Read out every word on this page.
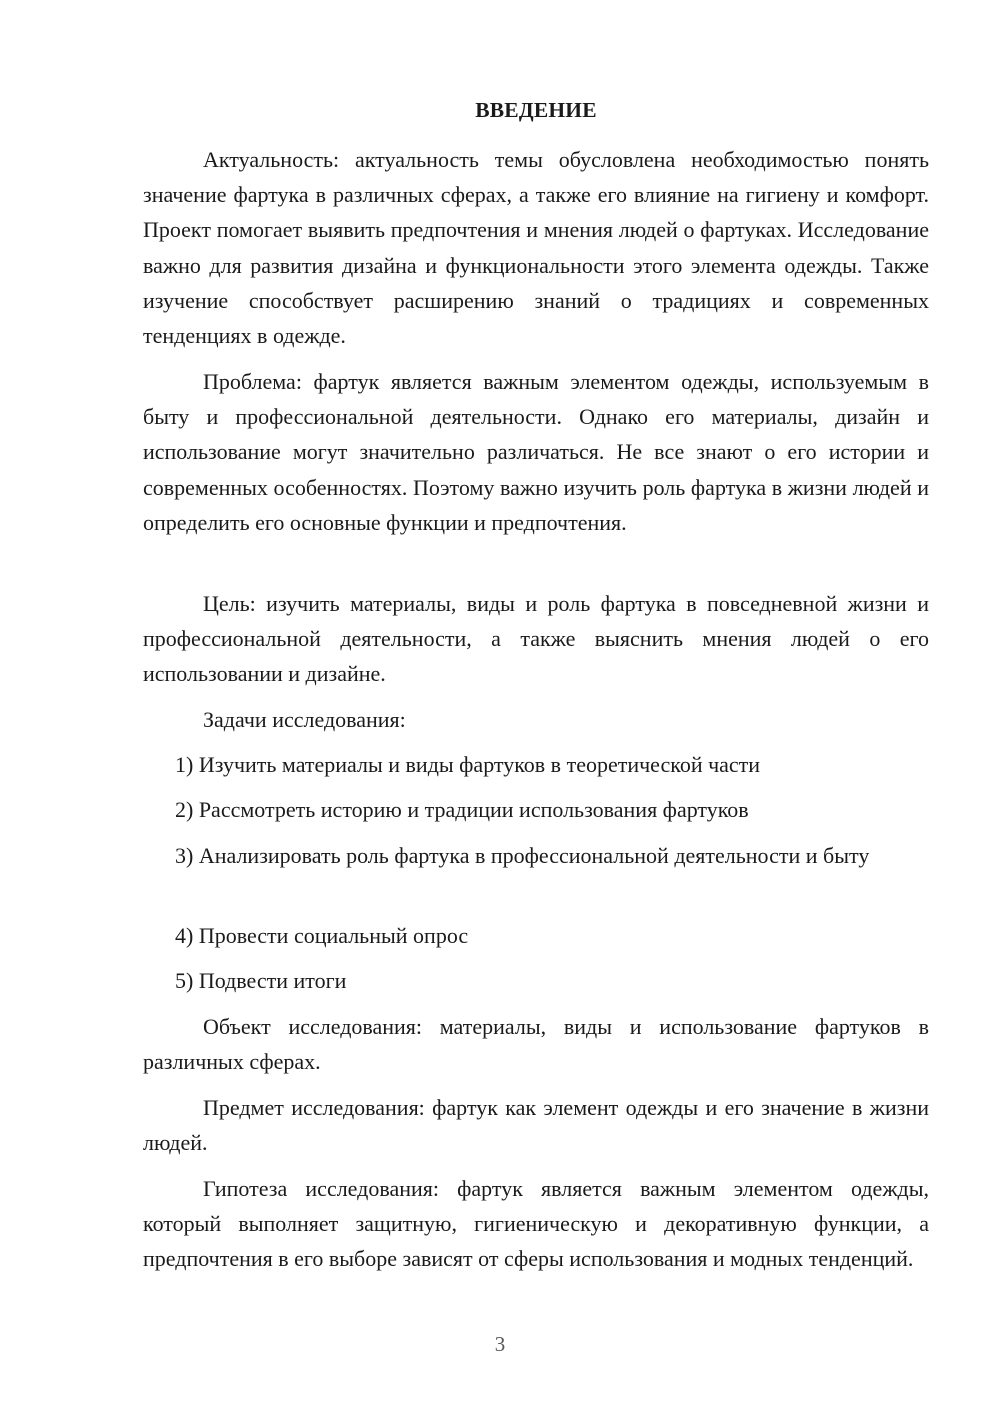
ВВЕДЕНИЕ

Актуальность: актуальность темы обусловлена необходимостью понять значение фартука в различных сферах, а также его влияние на гигиену и комфорт. Проект помогает выявить предпочтения и мнения людей о фартуках. Исследование важно для развития дизайна и функциональности этого элемента одежды. Также изучение способствует расширению знаний о традициях и современных тенденциях в одежде.

Проблема: фартук является важным элементом одежды, используемым в быту и профессиональной деятельности. Однако его материалы, дизайн и использование могут значительно различаться. Не все знают о его истории и современных особенностях. Поэтому важно изучить роль фартука в жизни людей и определить его основные функции и предпочтения.

Цель: изучить материалы, виды и роль фартука в повседневной жизни и профессиональной деятельности, а также выяснить мнения людей о его использовании и дизайне.

Задачи исследования:

1) Изучить материалы и виды фартуков в теоретической части

2) Рассмотреть историю и традиции использования фартуков

3) Анализировать роль фартука в профессиональной деятельности и быту

4) Провести социальный опрос

5) Подвести итоги

Объект исследования: материалы, виды и использование фартуков в различных сферах.

Предмет исследования: фартук как элемент одежды и его значение в жизни людей.

Гипотеза исследования: фартук является важным элементом одежды, который выполняет защитную, гигиеническую и декоративную функции, а предпочтения в его выборе зависят от сферы использования и модных тенденций.

3
